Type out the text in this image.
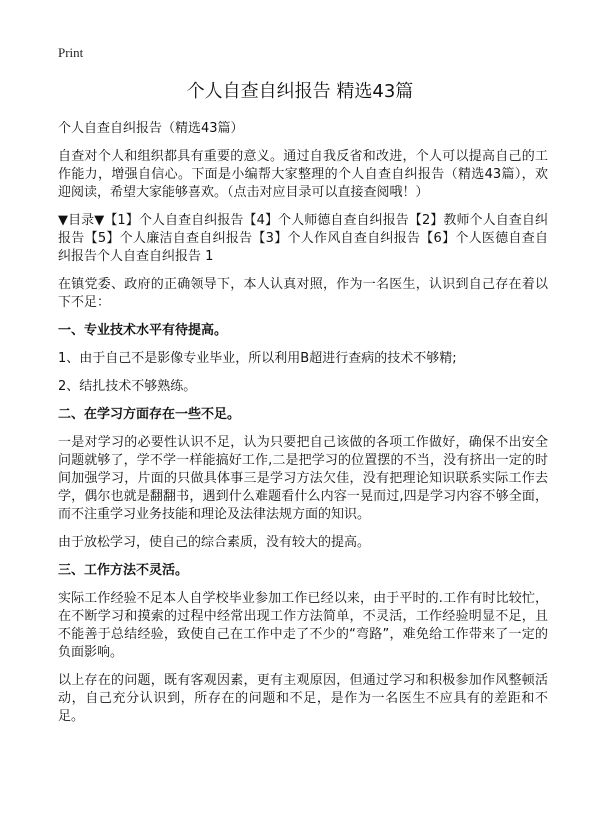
Print
个人自查自纠报告 精选43篇

个人自查自纠报告（精选43篇）

自查对个人和组织都具有重要的意义。通过自我反省和改进，个人可以提高自己的工作能力，增强自信心。下面是小编帮大家整理的个人自查自纠报告（精选43篇），欢迎阅读，希望大家能够喜欢。（点击对应目录可以直接查阅哦！）

▼目录▼【1】个人自查自纠报告【4】个人师德自查自纠报告【2】教师个人自查自纠报告【5】个人廉洁自查自纠报告【3】个人作风自查自纠报告【6】个人医德自查自纠报告个人自查自纠报告 1

在镇党委、政府的正确领导下，本人认真对照，作为一名医生，认识到自己存在着以下不足：

一、专业技术水平有待提高。

1、由于自己不是影像专业毕业，所以利用B超进行查病的技术不够精;

2、结扎技术不够熟练。

二、在学习方面存在一些不足。

一是对学习的必要性认识不足，认为只要把自己该做的各项工作做好，确保不出安全问题就够了，学不学一样能搞好工作,二是把学习的位置摆的不当，没有挤出一定的时间加强学习，片面的只做具体事三是学习方法欠佳，没有把理论知识联系实际工作去学，偶尔也就是翻翻书，遇到什么难题看什么内容一晃而过,四是学习内容不够全面，而不注重学习业务技能和理论及法律法规方面的知识。

由于放松学习，使自己的综合素质，没有较大的提高。

三、工作方法不灵活。

实际工作经验不足本人自学校毕业参加工作已经以来，由于平时的.工作有时比较忙，在不断学习和摸索的过程中经常出现工作方法简单，不灵活，工作经验明显不足，且不能善于总结经验，致使自己在工作中走了不少的“弯路”，难免给工作带来了一定的负面影响。

以上存在的问题，既有客观因素，更有主观原因，但通过学习和积极参加作风整顿活动，自己充分认识到，所存在的问题和不足，是作为一名医生不应具有的差距和不足。
